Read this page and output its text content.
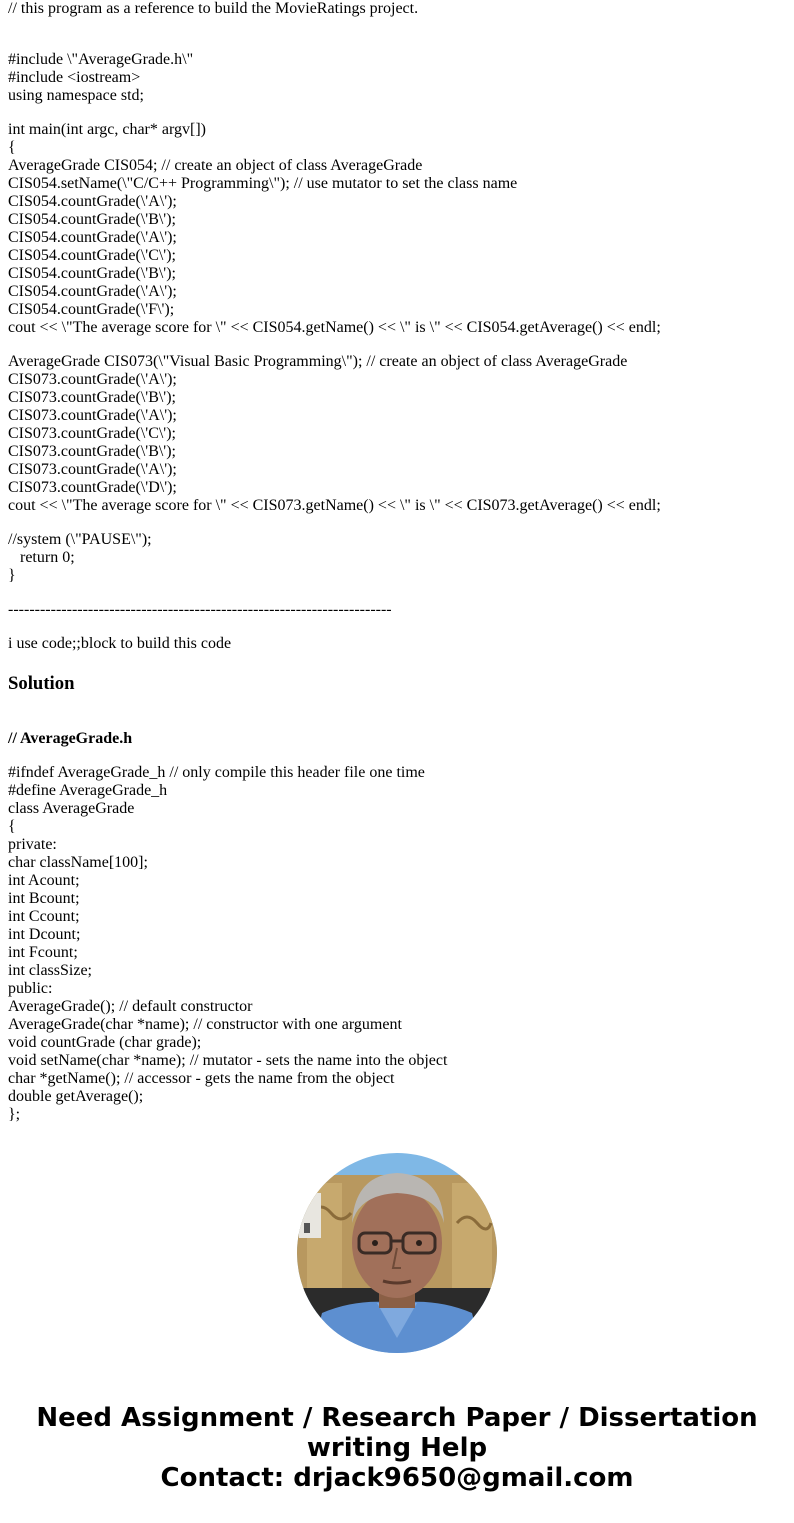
// this program as a reference to build the MovieRatings project.
#include \"AverageGrade.h\"
#include <iostream>
using namespace std;
int main(int argc, char* argv[])
{
AverageGrade CIS054; // create an object of class AverageGrade
CIS054.setName(\"C/C++ Programming\"); // use mutator to set the class name
CIS054.countGrade(\'A\');
CIS054.countGrade(\'B\');
CIS054.countGrade(\'A\');
CIS054.countGrade(\'C\');
CIS054.countGrade(\'B\');
CIS054.countGrade(\'A\');
CIS054.countGrade(\'F\');
cout << \"The average score for \" << CIS054.getName() << \" is \" << CIS054.getAverage() << endl;
AverageGrade CIS073(\"Visual Basic Programming\"); // create an object of class AverageGrade
CIS073.countGrade(\'A\');
CIS073.countGrade(\'B\');
CIS073.countGrade(\'A\');
CIS073.countGrade(\'C\');
CIS073.countGrade(\'B\');
CIS073.countGrade(\'A\');
CIS073.countGrade(\'D\');
cout << \"The average score for \" << CIS073.getName() << \" is \" << CIS073.getAverage() << endl;
//system (\"PAUSE\");
return 0;
}
------------------------------------------------------------------------
i use code;;block to build this code
Solution
// AverageGrade.h
#ifndef AverageGrade_h // only compile this header file one time
#define AverageGrade_h
class AverageGrade
{
private:
char className[100];
int Acount;
int Bcount;
int Ccount;
int Dcount;
int Fcount;
int classSize;
public:
AverageGrade(); // default constructor
AverageGrade(char *name); // constructor with one argument
void countGrade (char grade);
void setName(char *name); // mutator - sets the name into the object
char *getName(); // accessor - gets the name from the object
double getAverage();
};
Need Assignment / Research Paper / Dissertation
writing Help
Contact: drjack9650@gmail.com
